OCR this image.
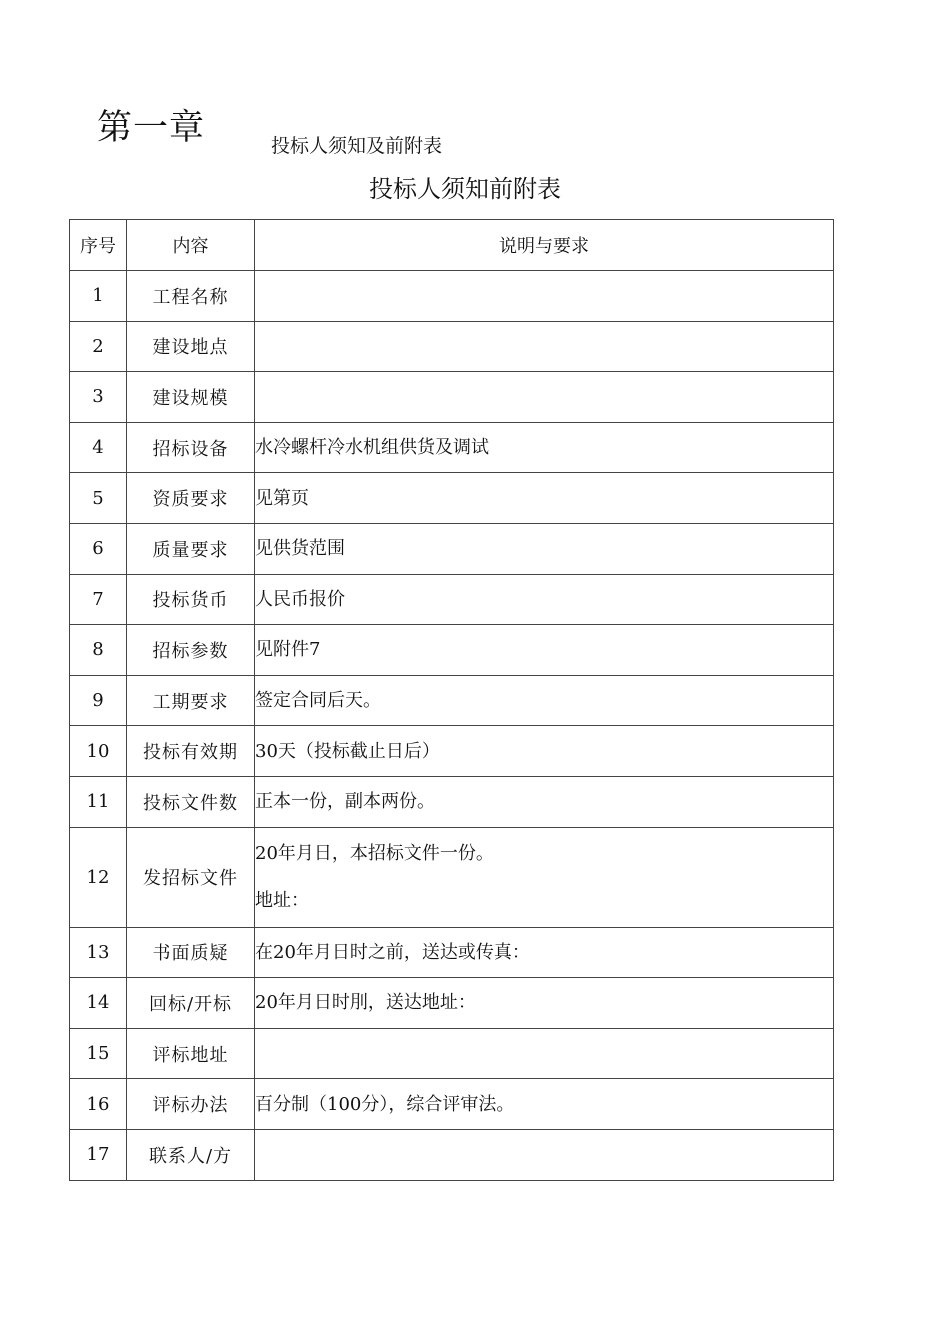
第一章	投标人须知及前附表
投标人须知前附表
序号	内容	说明与要求
1	工程名称	

2	建设地点	

3	建设规模	

4	招标设备	水冷螺杆冷水机组供货及调试

5	资质要求	见第页

6	质量要求	见供货范围

7	投标货币	人民币报价

8	招标参数	见附件7

9	工期要求	签定合同后天。

10	投标有效期	30天（投标截止日后）

11	投标文件数	正本一份，副本两份。

12	发招标文件	20年月日，本招标文件一份。
地址：

13	书面质疑	在20年月日时之前，送达或传真：

14	回标/开标	20年月日时刖，送达地址：

15	评标地址	

16	评标办法	百分制（100分），综合评审法。

17	联系人/方	
